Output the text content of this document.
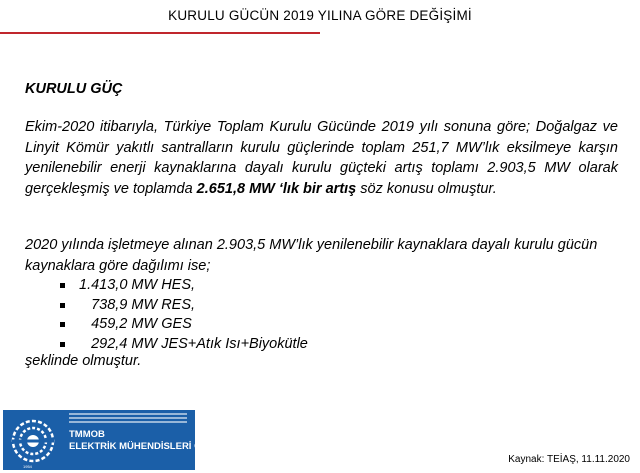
KURULU GÜCÜN 2019 YILINA GÖRE DEĞİŞİMİ
KURULU GÜÇ
Ekim-2020 itibarıyla, Türkiye Toplam Kurulu Gücünde 2019 yılı sonuna göre; Doğalgaz ve Linyit Kömür yakıtlı santralların kurulu güçlerinde toplam 251,7 MW’lık eksilmeye karşın yenilenebilir enerji kaynaklarına dayalı kurulu güçteki artış toplamı 2.903,5 MW olarak gerçekleşmiş ve toplamda 2.651,8 MW ‘lık bir artış söz konusu olmuştur.
2020 yılında işletmeye alınan 2.903,5 MW’lık yenilenebilir kaynaklara dayalı kurulu gücün kaynaklara göre dağılımı ise;
1.413,0 MW HES,
738,9 MW RES,
459,2 MW GES
292,4 MW JES+Atık Isı+Biyokütle
şeklinde olmuştur.
TMMOB
ELEKTRİK MÜHENDİSLERİ ODASI
1954
Kaynak: TEİAŞ, 11.11.2020
